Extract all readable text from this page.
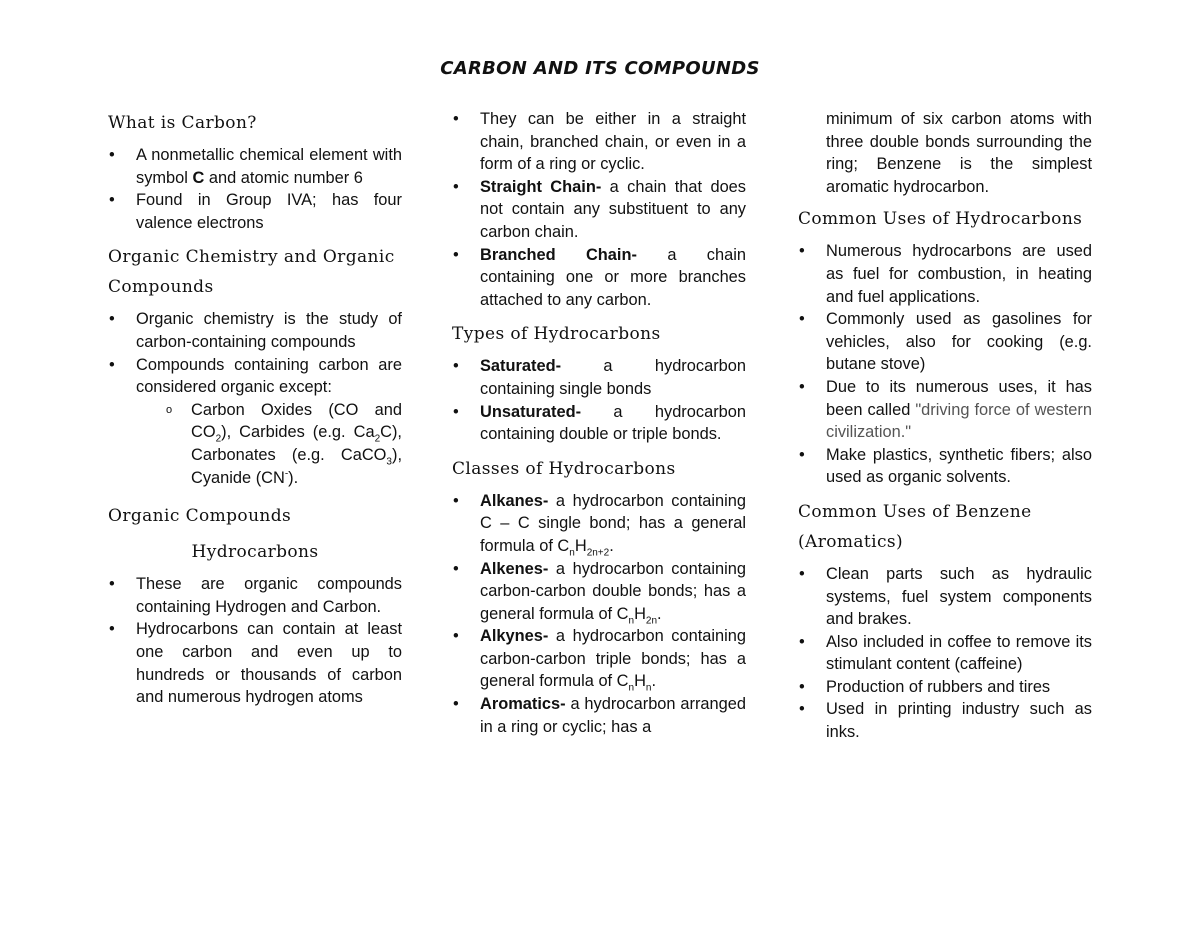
CARBON AND ITS COMPOUNDS
What is Carbon?
• A nonmetallic chemical element with symbol C and atomic number 6
• Found in Group IVA; has four valence electrons
Organic Chemistry and Organic Compounds
• Organic chemistry is the study of carbon-containing compounds
• Compounds containing carbon are considered organic except:
o Carbon Oxides (CO and $CO_2$), Carbides (e.g. $Ca_2C$), Carbonates (e.g. CaCO$_3$), Cyanide (CN-).
Organic Compounds
Hydrocarbons
• These are organic compounds containing Hydrogen and Carbon.
• Hydrocarbons can contain at least one carbon and even up to hundreds or thousands of carbon and numerous hydrogen atoms
• They can be either in a straight chain, branched chain, or even in a form of a ring or cyclic.
• Straight Chain- a chain that does not contain any substituent to any carbon chain.
• Branched Chain- a chain containing one or more branches attached to any carbon.
Types of Hydrocarbons
• Saturated- a hydrocarbon containing single bonds
• Unsaturated- a hydrocarbon containing double or triple bonds.
Classes of Hydrocarbons
• Alkanes- a hydrocarbon containing C – C single bond; has a general formula of $C_nH_{2n+2}$.
• Alkenes- a hydrocarbon containing carbon-carbon double bonds; has a general formula of $C_nH_{2n}$.
• Alkynes- a hydrocarbon containing carbon-carbon triple bonds; has a general formula of $C_nH_n$.
• Aromatics- a hydrocarbon arranged in a ring or cyclic; has a
minimum of six carbon atoms with three double bonds surrounding the ring; Benzene is the simplest aromatic hydrocarbon.
Common Uses of Hydrocarbons
• Numerous hydrocarbons are used as fuel for combustion, in heating and fuel applications.
• Commonly used as gasolines for vehicles, also for cooking (e.g. butane stove)
• Due to its numerous uses, it has been called "driving force of western civilization."
• Make plastics, synthetic fibers; also used as organic solvents.
Common Uses of Benzene (Aromatics)
• Clean parts such as hydraulic systems, fuel system components and brakes.
• Also included in coffee to remove its stimulant content (caffeine)
• Production of rubbers and tires
• Used in printing industry such as inks.
